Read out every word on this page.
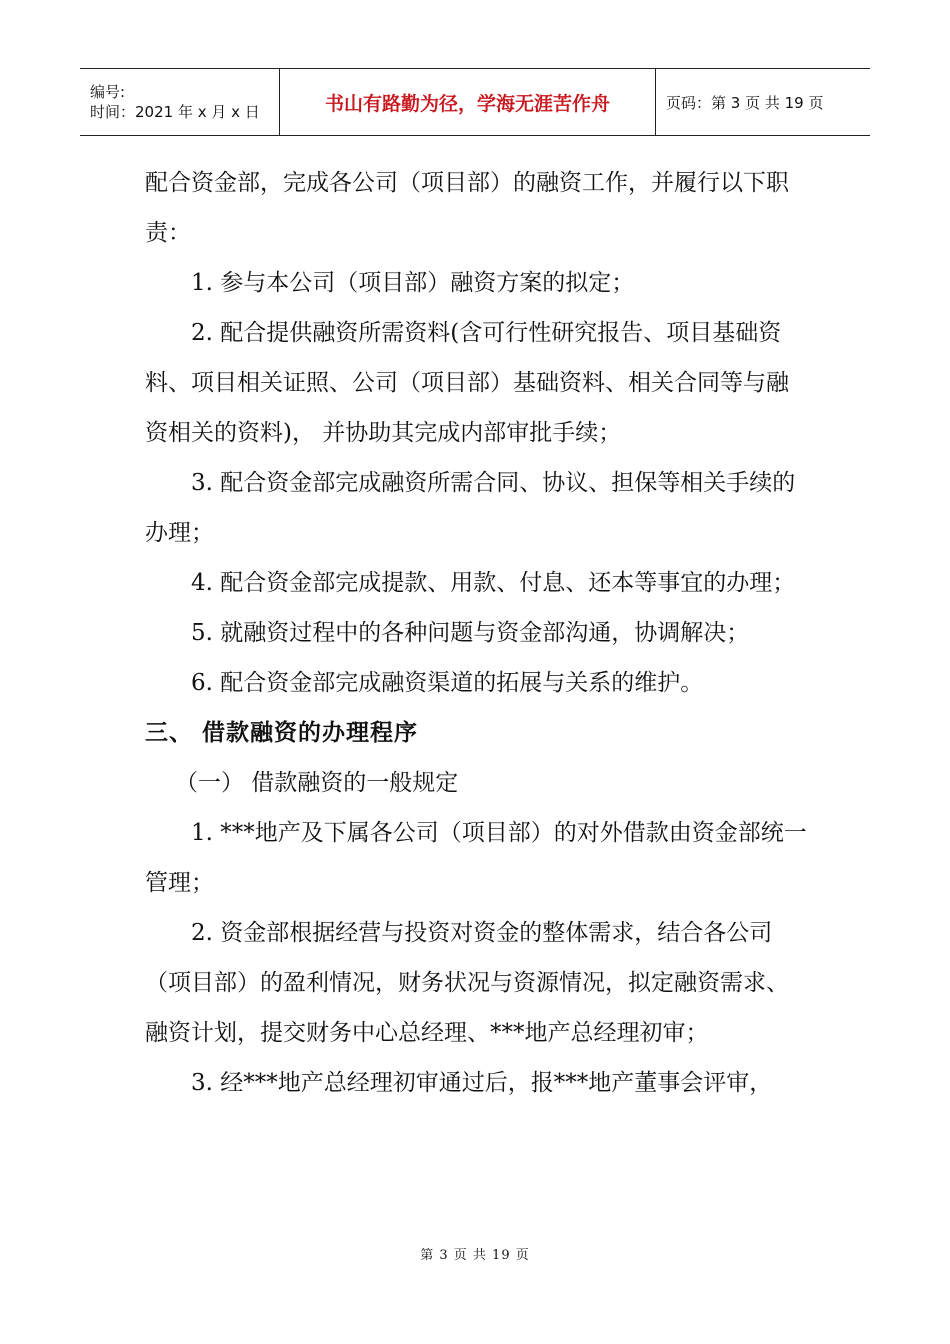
编号:
时间：2021 年 x 月 x 日	书山有路勤为径，学海无涯苦作舟	页码：第 3 页 共 19 页

配合资金部，完成各公司（项目部）的融资工作，并履行以下职责：

1. 参与本公司（项目部）融资方案的拟定；

2. 配合提供融资所需资料(含可行性研究报告、项目基础资料、项目相关证照、公司（项目部）基础资料、相关合同等与融资相关的资料)， 并协助其完成内部审批手续；

3. 配合资金部完成融资所需合同、协议、担保等相关手续的办理；

4. 配合资金部完成提款、用款、付息、还本等事宜的办理；

5. 就融资过程中的各种问题与资金部沟通，协调解决；

6. 配合资金部完成融资渠道的拓展与关系的维护。

三、 借款融资的办理程序

（一） 借款融资的一般规定

1. ***地产及下属各公司（项目部）的对外借款由资金部统一管理；

2. 资金部根据经营与投资对资金的整体需求，结合各公司（项目部）的盈利情况，财务状况与资源情况，拟定融资需求、融资计划，提交财务中心总经理、***地产总经理初审；

3. 经***地产总经理初审通过后，报***地产董事会评审，

第 3 页 共 19 页
